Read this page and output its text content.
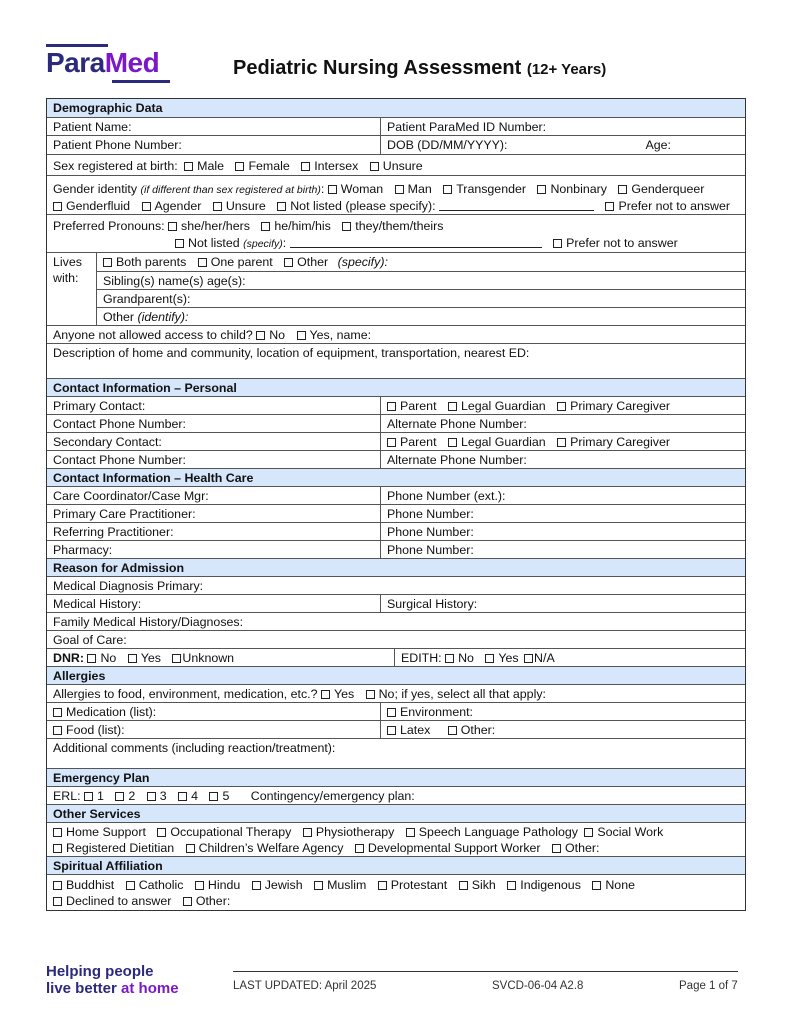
ParaMed	Pediatric Nursing Assessment (12+ Years)
Demographic Data
Patient Name:	Patient ParaMed ID Number:
Patient Phone Number:	DOB (DD/MM/YYYY):	Age:
Sex registered at birth: Male Female Intersex Unsure
Gender identity (if different than sex registered at birth): Woman Man Transgender Nonbinary Genderqueer
Genderfluid Agender Unsure Not listed (please specify):	Prefer not to answer
Preferred Pronouns: she/her/hers he/him/his they/them/theirs
Not listed (specify):	Prefer not to answer
Lives with:
Both parents One parent Other (specify):
Sibling(s) name(s) age(s):
Grandparent(s):
Other (identify):
Anyone not allowed access to child? No Yes, name:
Description of home and community, location of equipment, transportation, nearest ED:
Contact Information – Personal
Primary Contact:	Parent Legal Guardian Primary Caregiver
Contact Phone Number:	Alternate Phone Number:
Secondary Contact:	Parent Legal Guardian Primary Caregiver
Contact Phone Number:	Alternate Phone Number:
Contact Information – Health Care
Care Coordinator/Case Mgr:	Phone Number (ext.):
Primary Care Practitioner:	Phone Number:
Referring Practitioner:	Phone Number:
Pharmacy:	Phone Number:
Reason for Admission
Medical Diagnosis Primary:
Medical History:	Surgical History:
Family Medical History/Diagnoses:
Goal of Care:
DNR: No Yes Unknown	EDITH: No Yes N/A
Allergies
Allergies to food, environment, medication, etc.? Yes No; if yes, select all that apply:
Medication (list):	Environment:
Food (list):	Latex Other:
Additional comments (including reaction/treatment):
Emergency Plan
ERL: 1 2 3 4 5 Contingency/emergency plan:
Other Services
Home Support Occupational Therapy Physiotherapy Speech Language Pathology Social Work
Registered Dietitian Children’s Welfare Agency Developmental Support Worker Other:
Spiritual Affiliation
Buddhist Catholic Hindu Jewish Muslim Protestant Sikh Indigenous None
Declined to answer Other:
Helping people
live better at home	LAST UPDATED: April 2025	SVCD-06-04 A2.8	Page 1 of 7
